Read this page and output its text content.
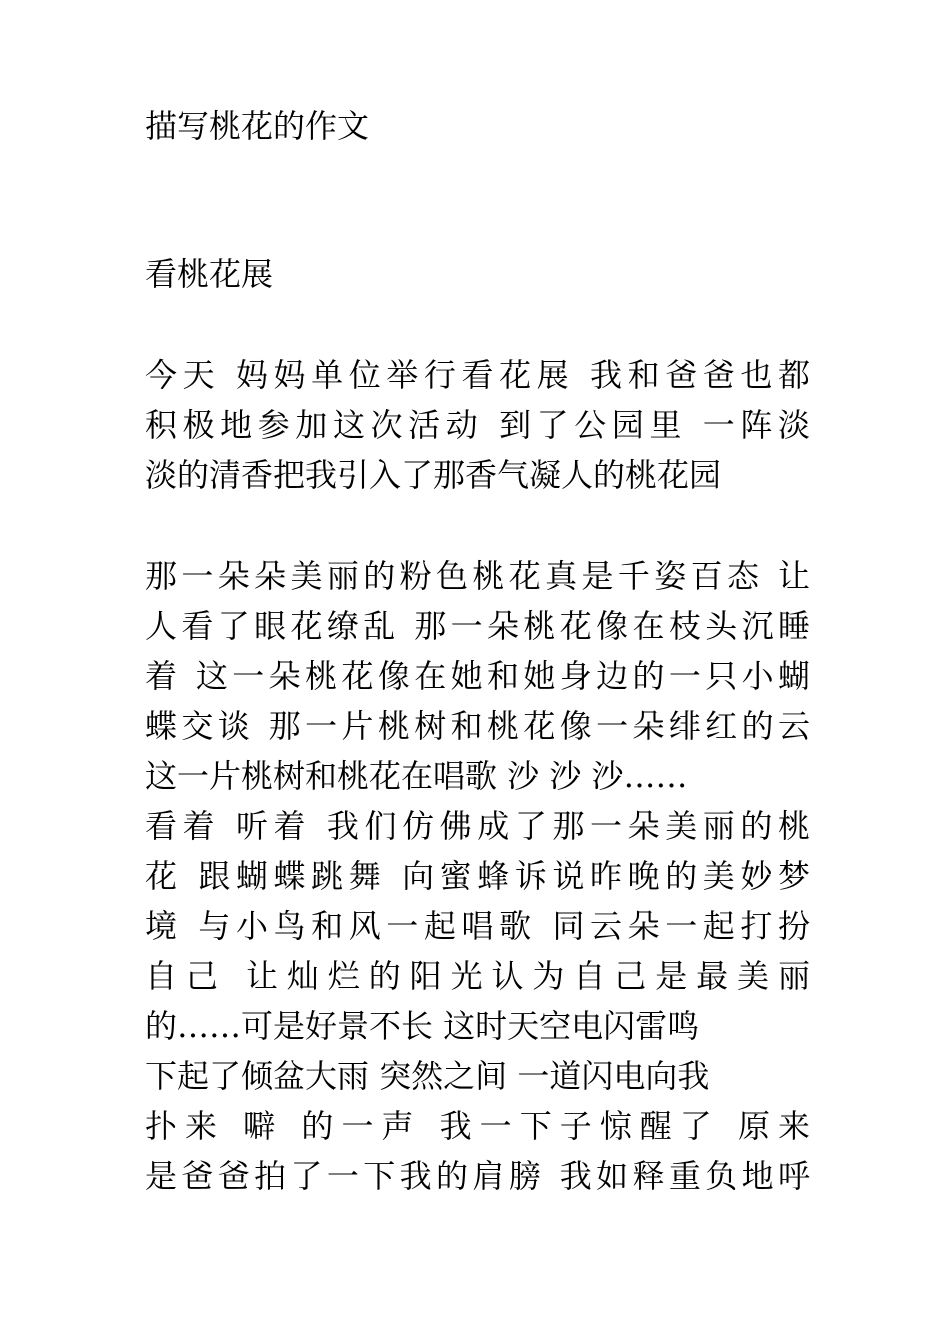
描写桃花的作文
看桃花展
今天 妈妈单位举行看花展 我和爸爸也都
积极地参加这次活动 到了公园里 一阵淡
淡的清香把我引入了那香气凝人的桃花园
那一朵朵美丽的粉色桃花真是千姿百态 让
人看了眼花缭乱 那一朵桃花像在枝头沉睡
着 这一朵桃花像在她和她身边的一只小蝴
蝶交谈 那一片桃树和桃花像一朵绯红的云
这一片桃树和桃花在唱歌 沙 沙 沙……
看着 听着 我们仿佛成了那一朵美丽的桃
花 跟蝴蝶跳舞 向蜜蜂诉说昨晚的美妙梦
境 与小鸟和风一起唱歌 同云朵一起打扮
自己 让灿烂的阳光认为自己是最美丽
的……可是好景不长 这时天空电闪雷鸣
下起了倾盆大雨 突然之间 一道闪电向我
扑来 噼 的一声 我一下子惊醒了 原来
是爸爸拍了一下我的肩膀 我如释重负地呼
